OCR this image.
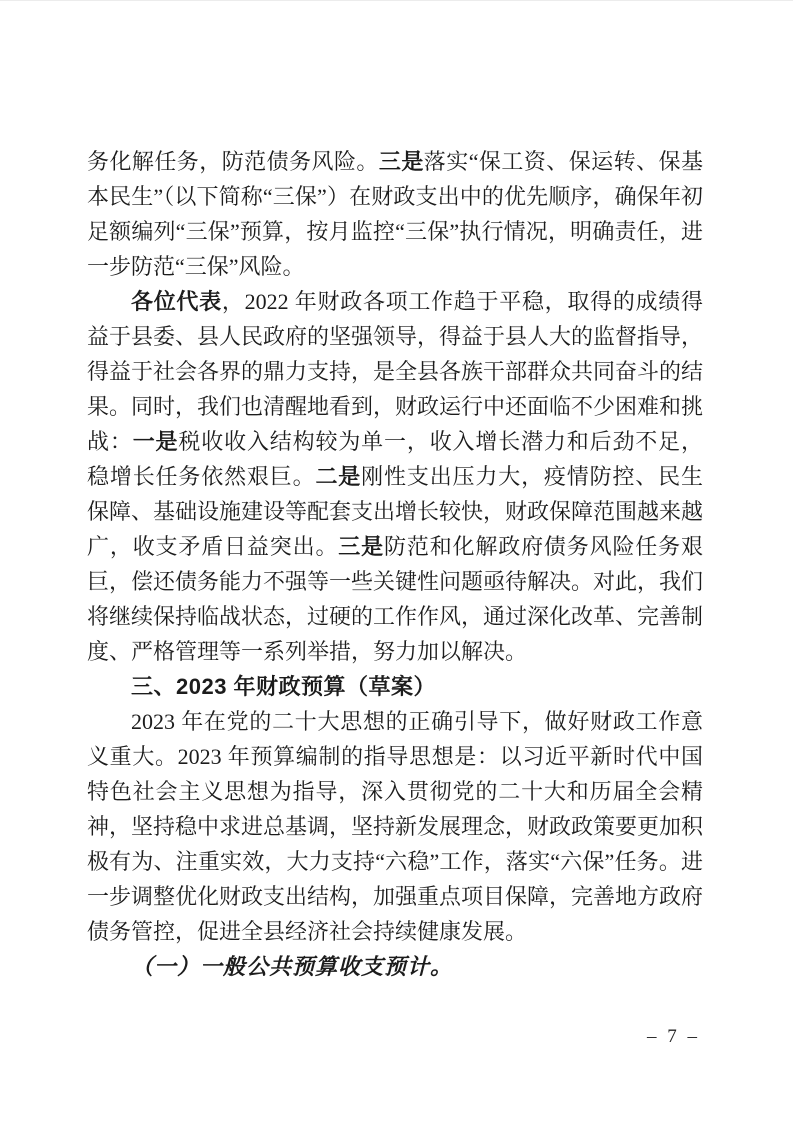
务化解任务，防范债务风险。三是落实“保工资、保运转、保基本民生”（以下简称“三保”）在财政支出中的优先顺序，确保年初足额编列“三保”预算，按月监控“三保”执行情况，明确责任，进一步防范“三保”风险。

各位代表，2022 年财政各项工作趋于平稳，取得的成绩得益于县委、县人民政府的坚强领导，得益于县人大的监督指导，得益于社会各界的鼎力支持，是全县各族干部群众共同奋斗的结果。同时，我们也清醒地看到，财政运行中还面临不少困难和挑战：一是税收收入结构较为单一，收入增长潜力和后劲不足，稳增长任务依然艰巨。二是刚性支出压力大，疫情防控、民生保障、基础设施建设等配套支出增长较快，财政保障范围越来越广，收支矛盾日益突出。三是防范和化解政府债务风险任务艰巨，偿还债务能力不强等一些关键性问题亟待解决。对此，我们将继续保持临战状态，过硬的工作作风，通过深化改革、完善制度、严格管理等一系列举措，努力加以解决。

三、2023 年财政预算（草案）

2023 年在党的二十大思想的正确引导下，做好财政工作意义重大。2023 年预算编制的指导思想是：以习近平新时代中国特色社会主义思想为指导，深入贯彻党的二十大和历届全会精神，坚持稳中求进总基调，坚持新发展理念，财政政策要更加积极有为、注重实效，大力支持“六稳”工作，落实“六保”任务。进一步调整优化财政支出结构，加强重点项目保障，完善地方政府债务管控，促进全县经济社会持续健康发展。

（一）一般公共预算收支预计。
– 7 –
